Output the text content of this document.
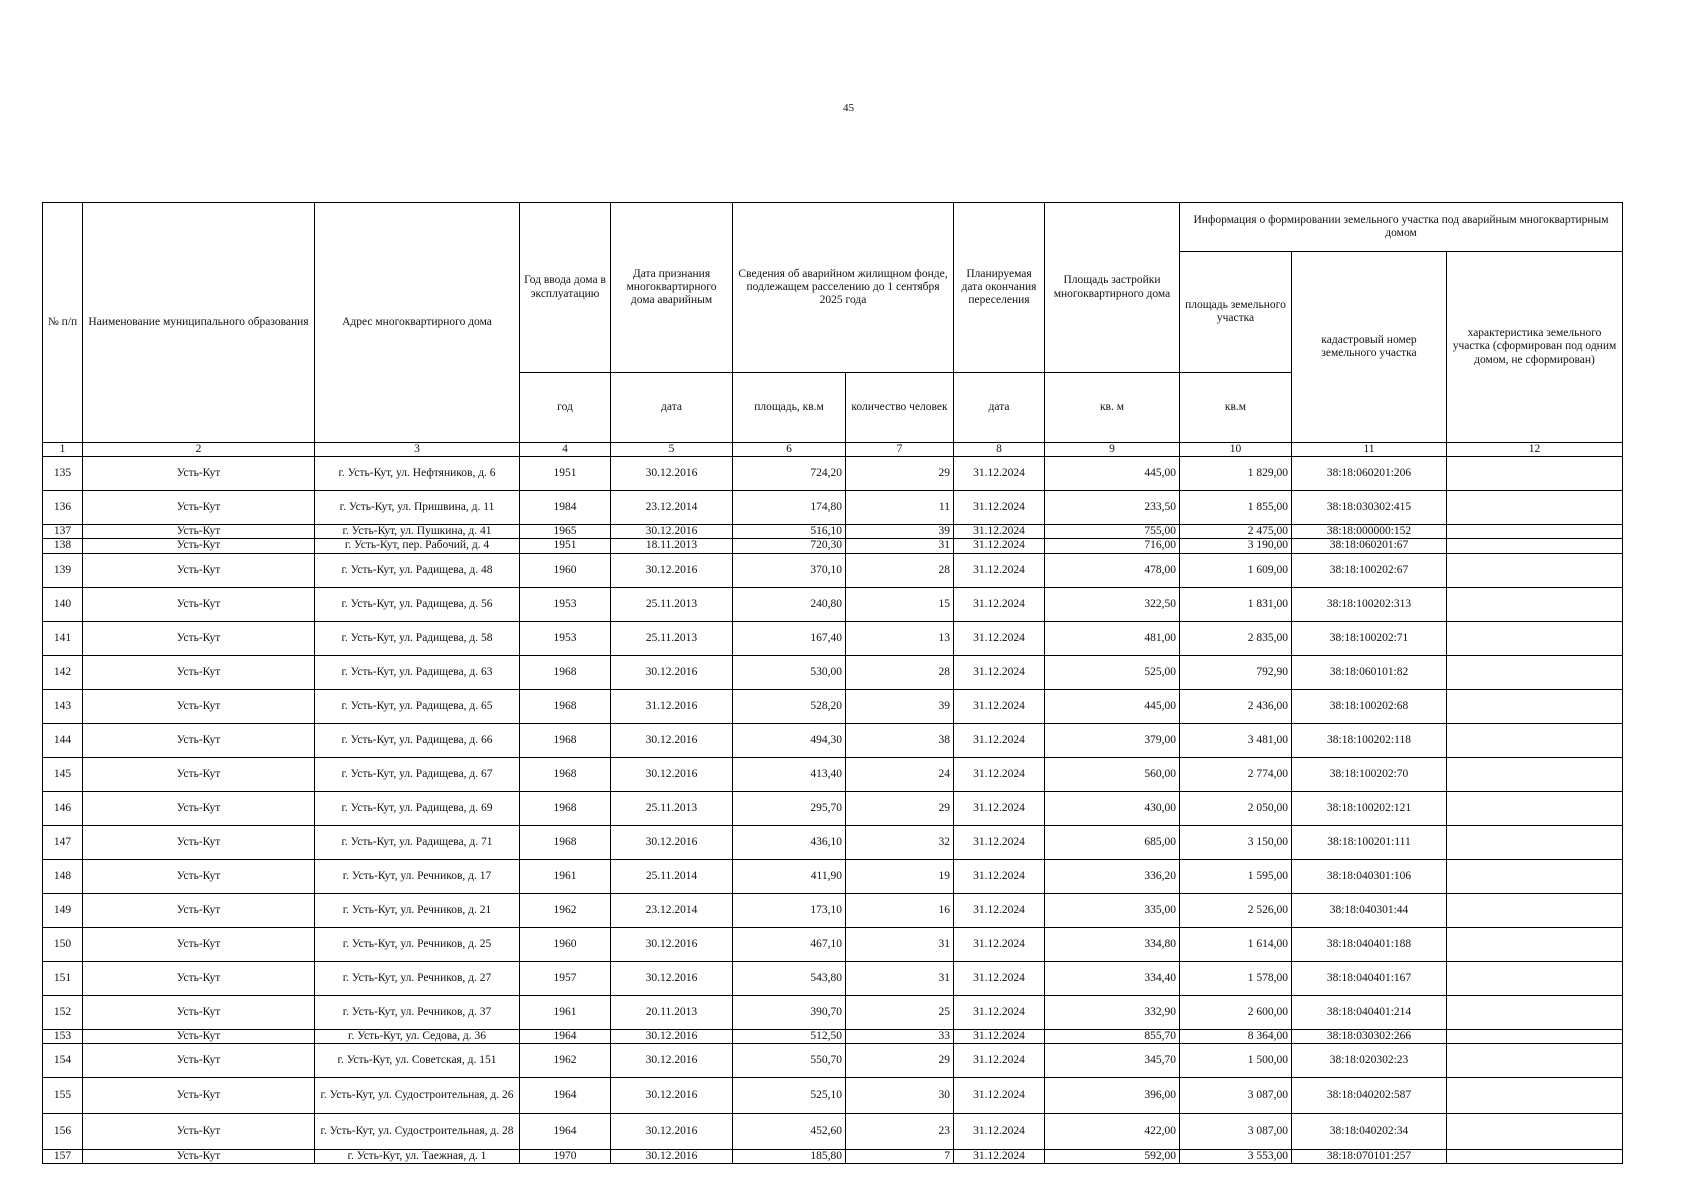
45
№ п/п	Наименование муниципального образования	Адрес многоквартирного дома	Год ввода дома в эксплуатацию	Дата признания многоквартирного дома аварийным	Сведения об аварийном жилищном фонде, подлежащем расселению до 1 сентября 2025 года		Планируемая дата окончания переселения	Площадь застройки многоквартирного дома	Информация о формировании земельного участка под аварийным многоквартирным домом		
									площадь земельного участка	кадастровый номер земельного участка	характеристика земельного участка (сформирован под одним домом, не сформирован)
			год	дата	площадь, кв.м	количество человек	дата	кв. м	кв.м		
1	2	3	4	5	6	7	8	9	10	11	12
135	Усть-Кут	г. Усть-Кут, ул. Нефтяников, д. 6	1951	30.12.2016	724,20	29	31.12.2024	445,00	1 829,00	38:18:060201:206	
136	Усть-Кут	г. Усть-Кут, ул. Пришвина, д. 11	1984	23.12.2014	174,80	11	31.12.2024	233,50	1 855,00	38:18:030302:415	
137	Усть-Кут	г. Усть-Кут, ул. Пушкина, д. 41	1965	30.12.2016	516,10	39	31.12.2024	755,00	2 475,00	38:18:000000:152	
138	Усть-Кут	г. Усть-Кут, пер. Рабочий, д. 4	1951	18.11.2013	720,30	31	31.12.2024	716,00	3 190,00	38:18:060201:67	
139	Усть-Кут	г. Усть-Кут, ул. Радищева, д. 48	1960	30.12.2016	370,10	28	31.12.2024	478,00	1 609,00	38:18:100202:67	
140	Усть-Кут	г. Усть-Кут, ул. Радищева, д. 56	1953	25.11.2013	240,80	15	31.12.2024	322,50	1 831,00	38:18:100202:313	
141	Усть-Кут	г. Усть-Кут, ул. Радищева, д. 58	1953	25.11.2013	167,40	13	31.12.2024	481,00	2 835,00	38:18:100202:71	
142	Усть-Кут	г. Усть-Кут, ул. Радищева, д. 63	1968	30.12.2016	530,00	28	31.12.2024	525,00	792,90	38:18:060101:82	
143	Усть-Кут	г. Усть-Кут, ул. Радищева, д. 65	1968	31.12.2016	528,20	39	31.12.2024	445,00	2 436,00	38:18:100202:68	
144	Усть-Кут	г. Усть-Кут, ул. Радищева, д. 66	1968	30.12.2016	494,30	38	31.12.2024	379,00	3 481,00	38:18:100202:118	
145	Усть-Кут	г. Усть-Кут, ул. Радищева, д. 67	1968	30.12.2016	413,40	24	31.12.2024	560,00	2 774,00	38:18:100202:70	
146	Усть-Кут	г. Усть-Кут, ул. Радищева, д. 69	1968	25.11.2013	295,70	29	31.12.2024	430,00	2 050,00	38:18:100202:121	
147	Усть-Кут	г. Усть-Кут, ул. Радищева, д. 71	1968	30.12.2016	436,10	32	31.12.2024	685,00	3 150,00	38:18:100201:111	
148	Усть-Кут	г. Усть-Кут, ул. Речников, д. 17	1961	25.11.2014	411,90	19	31.12.2024	336,20	1 595,00	38:18:040301:106	
149	Усть-Кут	г. Усть-Кут, ул. Речников, д. 21	1962	23.12.2014	173,10	16	31.12.2024	335,00	2 526,00	38:18:040301:44	
150	Усть-Кут	г. Усть-Кут, ул. Речников, д. 25	1960	30.12.2016	467,10	31	31.12.2024	334,80	1 614,00	38:18:040401:188	
151	Усть-Кут	г. Усть-Кут, ул. Речников, д. 27	1957	30.12.2016	543,80	31	31.12.2024	334,40	1 578,00	38:18:040401:167	
152	Усть-Кут	г. Усть-Кут, ул. Речников, д. 37	1961	20.11.2013	390,70	25	31.12.2024	332,90	2 600,00	38:18:040401:214	
153	Усть-Кут	г. Усть-Кут, ул. Седова, д. 36	1964	30.12.2016	512,50	33	31.12.2024	855,70	8 364,00	38:18:030302:266	
154	Усть-Кут	г. Усть-Кут, ул. Советская, д. 151	1962	30.12.2016	550,70	29	31.12.2024	345,70	1 500,00	38:18:020302:23	
155	Усть-Кут	г. Усть-Кут, ул. Судостроительная, д. 26	1964	30.12.2016	525,10	30	31.12.2024	396,00	3 087,00	38:18:040202:587	
156	Усть-Кут	г. Усть-Кут, ул. Судостроительная, д. 28	1964	30.12.2016	452,60	23	31.12.2024	422,00	3 087,00	38:18:040202:34	
157	Усть-Кут	г. Усть-Кут, ул. Таежная, д. 1	1970	30.12.2016	185,80	7	31.12.2024	592,00	3 553,00	38:18:070101:257	
